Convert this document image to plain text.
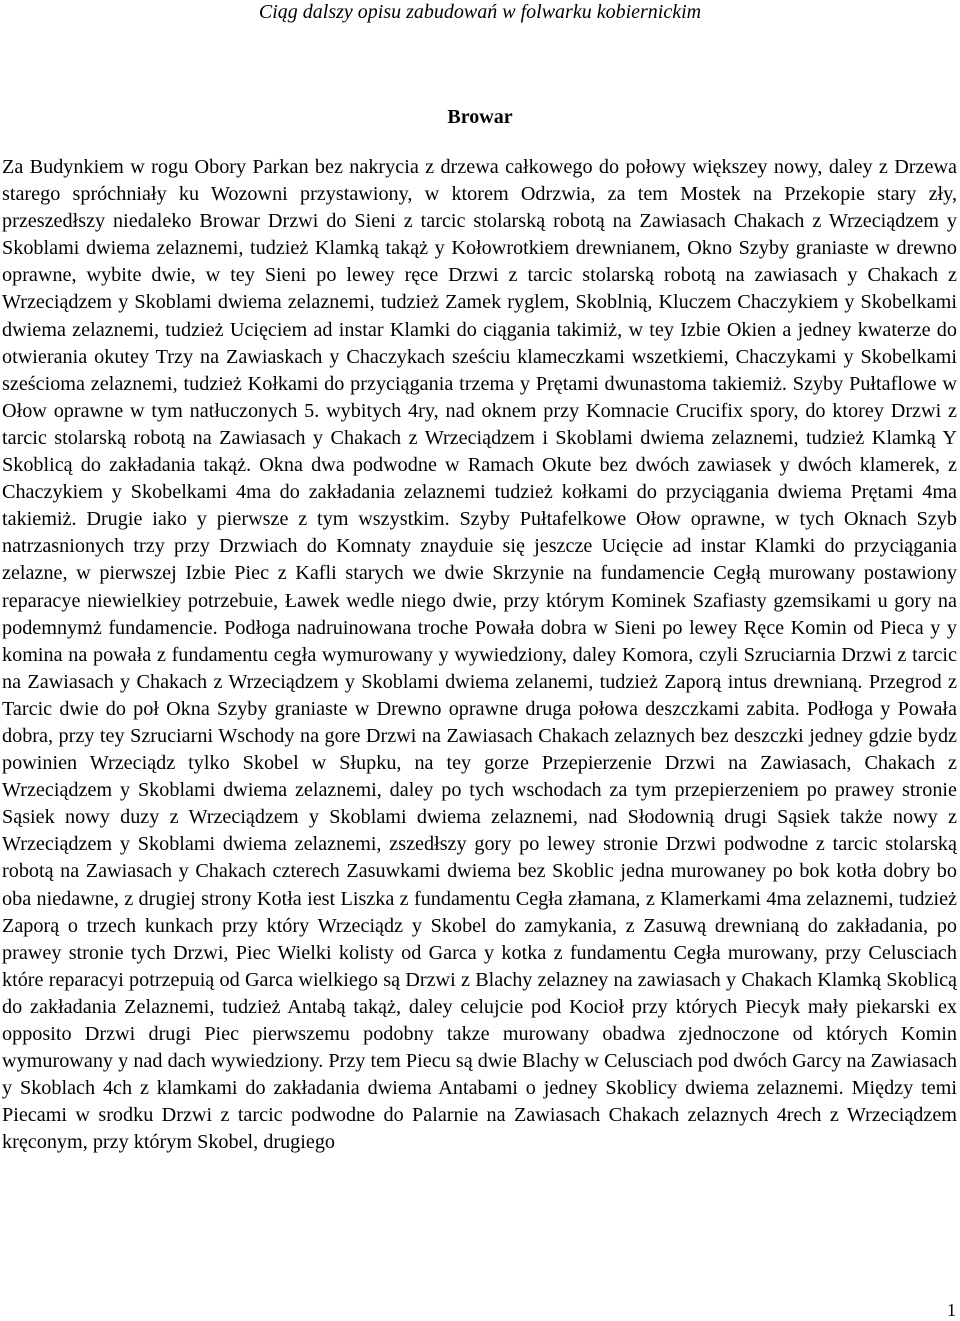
Ciąg dalszy opisu zabudowań w folwarku kobiernickim
Browar

Za Budynkiem w rogu Obory Parkan bez nakrycia z drzewa całkowego do połowy większey nowy, daley z Drzewa starego spróchniały ku Wozowni przystawiony, w ktorem Odrzwia, za tem Mostek na Przekopie stary zły, przeszedłszy niedaleko Browar Drzwi do Sieni z tarcic stolarską robotą na Zawiasach Chakach z Wrzeciądzem y Skoblami dwiema zelaznemi, tudzież Klamką takąż y Kołowrotkiem drewnianem, Okno Szyby graniaste w drewno oprawne, wybite dwie, w tey Sieni po lewey ręce Drzwi z tarcic stolarską robotą na zawiasach y Chakach z Wrzeciądzem y Skoblami dwiema zelaznemi, tudzież Zamek ryglem, Skoblnią, Kluczem Chaczykiem y Skobelkami dwiema zelaznemi, tudzież Ucięciem ad instar Klamki do ciągania takimiż, w tey Izbie Okien a jedney kwaterze do otwierania okutey Trzy na Zawiaskach y Chaczykach sześciu klameczkami wszetkiemi, Chaczykami y Skobelkami sześcioma zelaznemi, tudzież Kołkami do przyciągania trzema y Prętami dwunastoma takiemiż. Szyby Pułtaflowe w Ołow oprawne w tym natłuczonych 5. wybitych 4ry, nad oknem przy Komnacie Crucifix spory, do ktorey Drzwi z tarcic stolarską robotą na Zawiasach y Chakach z Wrzeciądzem i Skoblami dwiema zelaznemi, tudzież Klamką Y Skoblicą do zakładania takąż. Okna dwa podwodne w Ramach Okute bez dwóch zawiasek y dwóch klamerek, z Chaczykiem y Skobelkami 4ma do zakładania zelaznemi tudzież kołkami do przyciągania dwiema Prętami 4ma takiemiż. Drugie iako y pierwsze z tym wszystkim. Szyby Pułtafelkowe Ołow oprawne, w tych Oknach Szyb natrzasnionych trzy przy Drzwiach do Komnaty znayduie się jeszcze Ucięcie ad instar Klamki do przyciągania zelazne, w pierwszej Izbie Piec z Kafli starych we dwie Skrzynie na fundamencie Cegłą murowany postawiony reparacye niewielkiey potrzebuie, Ławek wedle niego dwie, przy którym Kominek Szafiasty gzemsikami u gory na podemnymż fundamencie. Podłoga nadruinowana troche Powała dobra w Sieni po lewey Ręce Komin od Pieca y y komina na powała z fundamentu cegła wymurowany y wywiedziony, daley Komora, czyli Szruciarnia Drzwi z tarcic na Zawiasach y Chakach z Wrzeciądzem y Skoblami dwiema zelanemi, tudzież Zaporą intus drewnianą. Przegrod z Tarcic dwie do poł Okna Szyby graniaste w Drewno oprawne druga połowa deszczkami zabita. Podłoga y Powała dobra, przy tey Szruciarni Wschody na gore Drzwi na Zawiasach Chakach zelaznych bez deszczki jedney gdzie bydz powinien Wrzeciądz tylko Skobel w Słupku, na tey gorze Przepierzenie Drzwi na Zawiasach, Chakach z Wrzeciądzem y Skoblami dwiema zelaznemi, daley po tych wschodach za tym przepierzeniem po prawey stronie Sąsiek nowy duzy z Wrzeciądzem y Skoblami dwiema zelaznemi, nad Słodownią drugi Sąsiek także nowy z Wrzeciądzem y Skoblami dwiema zelaznemi, zszedłszy gory po lewey stronie Drzwi podwodne z tarcic stolarską robotą na Zawiasach y Chakach czterech Zasuwkami dwiema bez Skoblic jedna murowaney po bok kotła dobry bo oba niedawne, z drugiej strony Kotła iest Liszka z fundamentu Cegła złamana, z Klamerkami 4ma zelaznemi, tudzież Zaporą o trzech kunkach przy który Wrzeciądz y Skobel do zamykania, z Zasuwą drewnianą do zakładania, po prawey stronie tych Drzwi, Piec Wielki kolisty od Garca y kotka z fundamentu Cegła murowany, przy Celusciach które reparacyi potrzepuią od Garca wielkiego są Drzwi z Blachy zelazney na zawiasach y Chakach Klamką Skoblicą do zakładania Zelaznemi, tudzież Antabą takąż, daley celujcie pod Kocioł przy których Piecyk mały piekarski ex opposito Drzwi drugi Piec pierwszemu podobny takze murowany obadwa zjednoczone od których Komin wymurowany y nad dach wywiedziony. Przy tem Piecu są dwie Blachy w Celusciach pod dwóch Garcy na Zawiasach y Skoblach 4ch z klamkami do zakładania dwiema Antabami o jedney Skoblicy dwiema zelaznemi. Między temi Piecami w srodku Drzwi z tarcic podwodne do Palarnie na Zawiasach Chakach zelaznych 4rech z Wrzeciądzem kręconym, przy którym Skobel, drugiego

1
